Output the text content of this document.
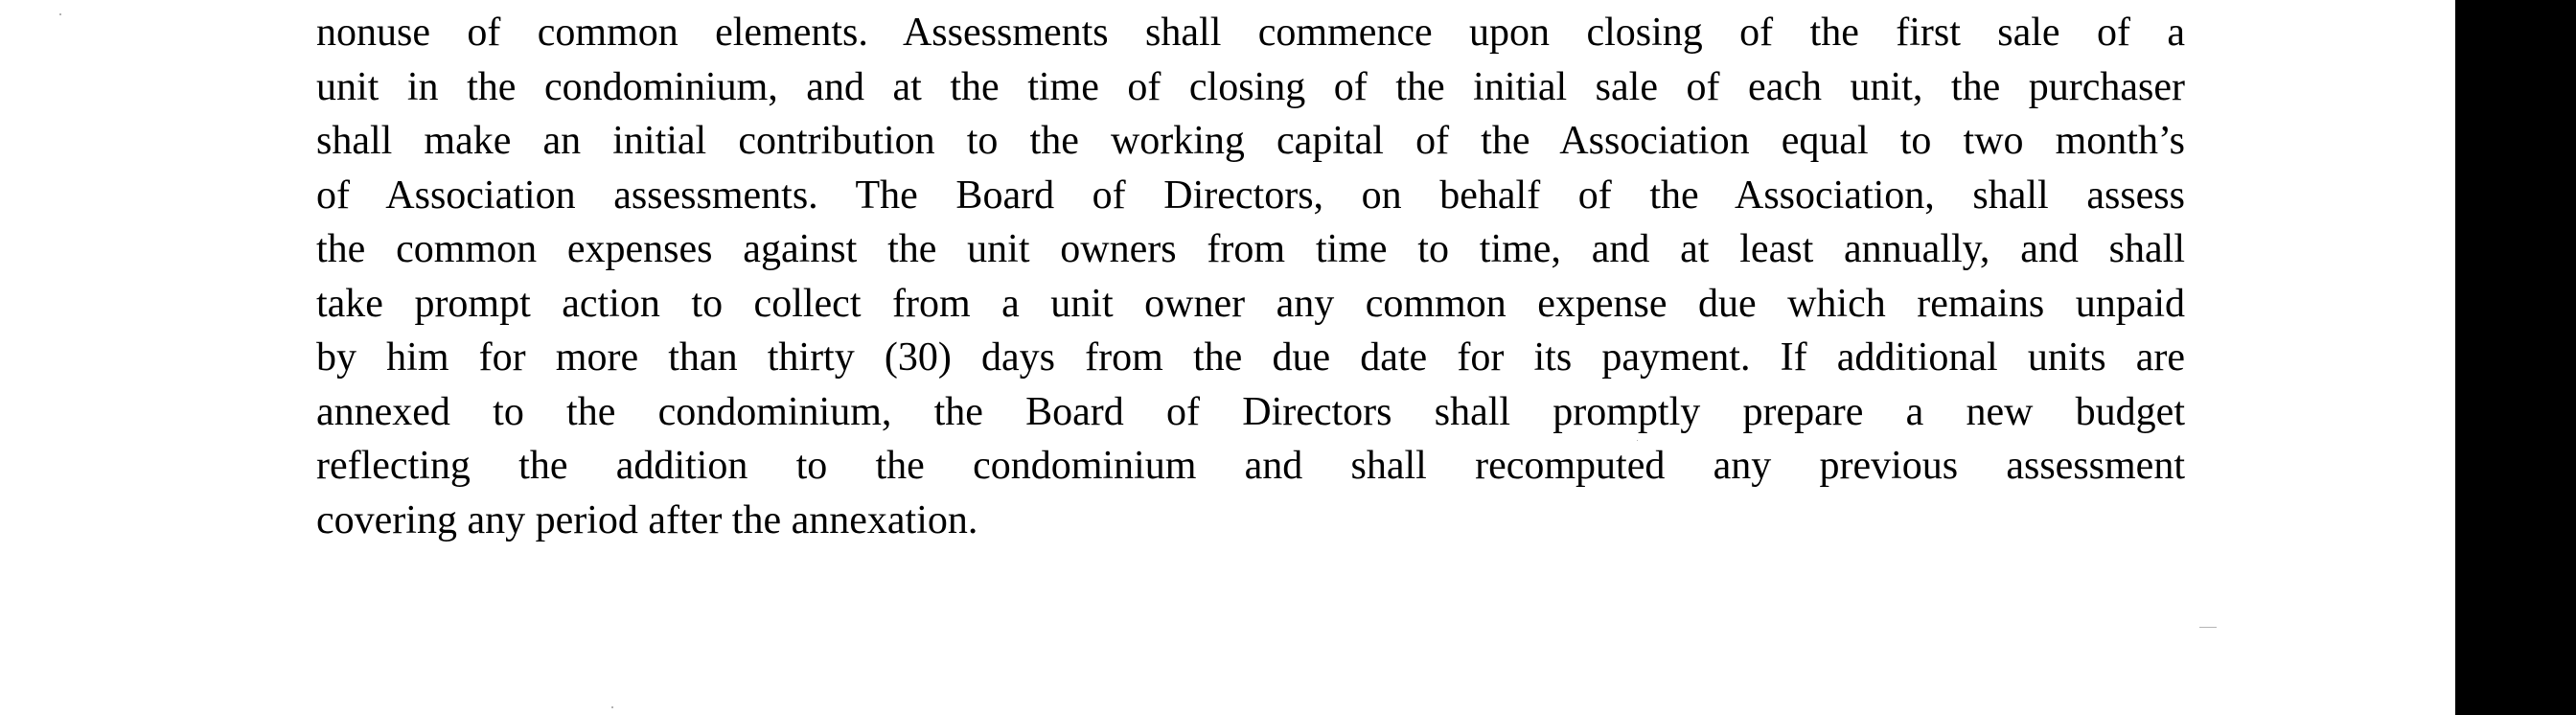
nonuse of common elements. Assessments shall commence upon closing of the first sale of a
unit in the condominium, and at the time of closing of the initial sale of each unit, the purchaser
shall make an initial contribution to the working capital of the Association equal to two month’s
of Association assessments. The Board of Directors, on behalf of the Association, shall assess
the common expenses against the unit owners from time to time, and at least annually, and shall
take prompt action to collect from a unit owner any common expense due which remains unpaid
by him for more than thirty (30) days from the due date for its payment. If additional units are
annexed to the condominium, the Board of Directors shall promptly prepare a new budget
reflecting the addition to the condominium and shall recomputed any previous assessment
covering any period after the annexation.
